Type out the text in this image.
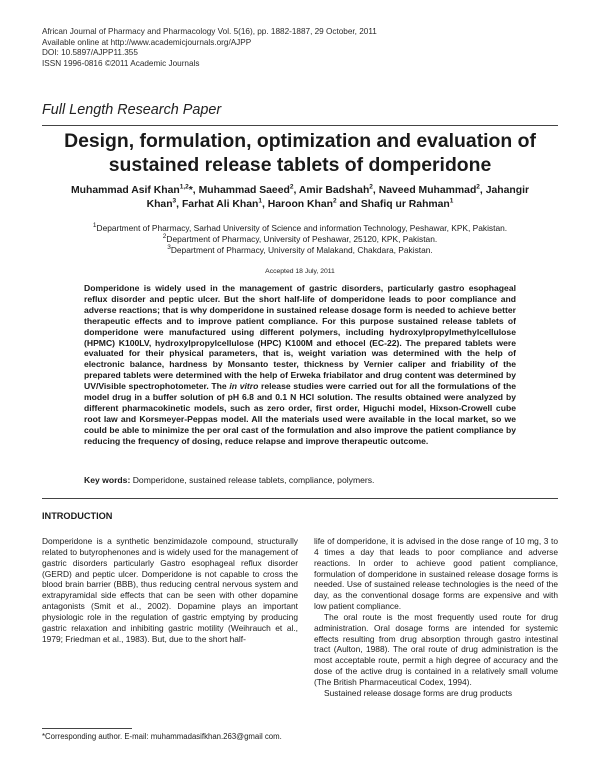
African Journal of Pharmacy and Pharmacology Vol. 5(16), pp. 1882-1887, 29 October, 2011
Available online at http://www.academicjournals.org/AJPP
DOI: 10.5897/AJPP11.355
ISSN 1996-0816 ©2011 Academic Journals
Full Length Research Paper
Design, formulation, optimization and evaluation of
sustained release tablets of domperidone
Muhammad Asif Khan$^{1,2}$*, Muhammad Saeed$^2$, Amir Badshah$^2$, Naveed Muhammad$^2$, Jahangir Khan$^3$, Farhat Ali Khan$^1$, Haroon Khan$^2$ and Shafiq ur Rahman$^1$
$^1$Department of Pharmacy, Sarhad University of Science and information Technology, Peshawar, KPK, Pakistan.
$^2$Department of Pharmacy, University of Peshawar, 25120, KPK, Pakistan.
$^3$Department of Pharmacy, University of Malakand, Chakdara, Pakistan.
Accepted 18 July, 2011
Domperidone is widely used in the management of gastric disorders, particularly gastro esophageal reflux disorder and peptic ulcer. But the short half-life of domperidone leads to poor compliance and adverse reactions; that is why domperidone in sustained release dosage form is needed to achieve better therapeutic effects and to improve patient compliance. For this purpose sustained release tablets of domperidone were manufactured using different polymers, including hydroxylpropylmethylcellulose (HPMC) K100LV, hydroxylpropylcellulose (HPC) K100M and ethocel (EC-22). The prepared tablets were evaluated for their physical parameters, that is, weight variation was determined with the help of electronic balance, hardness by Monsanto tester, thickness by Vernier caliper and friability of the prepared tablets were determined with the help of Erweka friabilator and drug content was determined by UV/Visible spectrophotometer. The in vitro release studies were carried out for all the formulations of the model drug in a buffer solution of pH 6.8 and 0.1 N HCl solution. The results obtained were analyzed by different pharmacokinetic models, such as zero order, first order, Higuchi model, Hixson-Crowell cube root law and Korsmeyer-Peppas model. All the materials used were available in the local market, so we could be able to minimize the per oral cast of the formulation and also improve the patient compliance by reducing the frequency of dosing, reduce relapse and improve therapeutic outcome.
Key words: Domperidone, sustained release tablets, compliance, polymers.
INTRODUCTION

Domperidone is a synthetic benzimidazole compound, structurally related to butyrophenones and is widely used for the management of gastric disorders particularly Gastro esophageal reflux disorder (GERD) and peptic ulcer. Domperidone is not capable to cross the blood brain barrier (BBB), thus reducing central nervous system and extrapyramidal side effects that can be seen with other dopamine antagonists (Smit et al., 2002). Dopamine plays an important physiologic role in the regulation of gastric emptying by producing gastric relaxation and inhibiting gastric motility (Weihrauch et al., 1979; Friedman et al., 1983). But, due to the short half-

life of domperidone, it is advised in the dose range of 10 mg, 3 to 4 times a day that leads to poor compliance and adverse reactions. In order to achieve good patient compliance, formulation of domperidone in sustained release dosage forms is needed. Use of sustained release technologies is the need of the day, as the conventional dosage forms are expensive and with low patient compliance.

The oral route is the most frequently used route for drug administration. Oral dosage forms are intended for systemic effects resulting from drug absorption through gastro intestinal tract (Aulton, 1988). The oral route of drug administration is the most acceptable route, permit a high degree of accuracy and the dose of the active drug is contained in a relatively small volume (The British Pharmaceutical Codex, 1994).

Sustained release dosage forms are drug products

*Corresponding author. E-mail: muhammadasifkhan.263@gmail com.
